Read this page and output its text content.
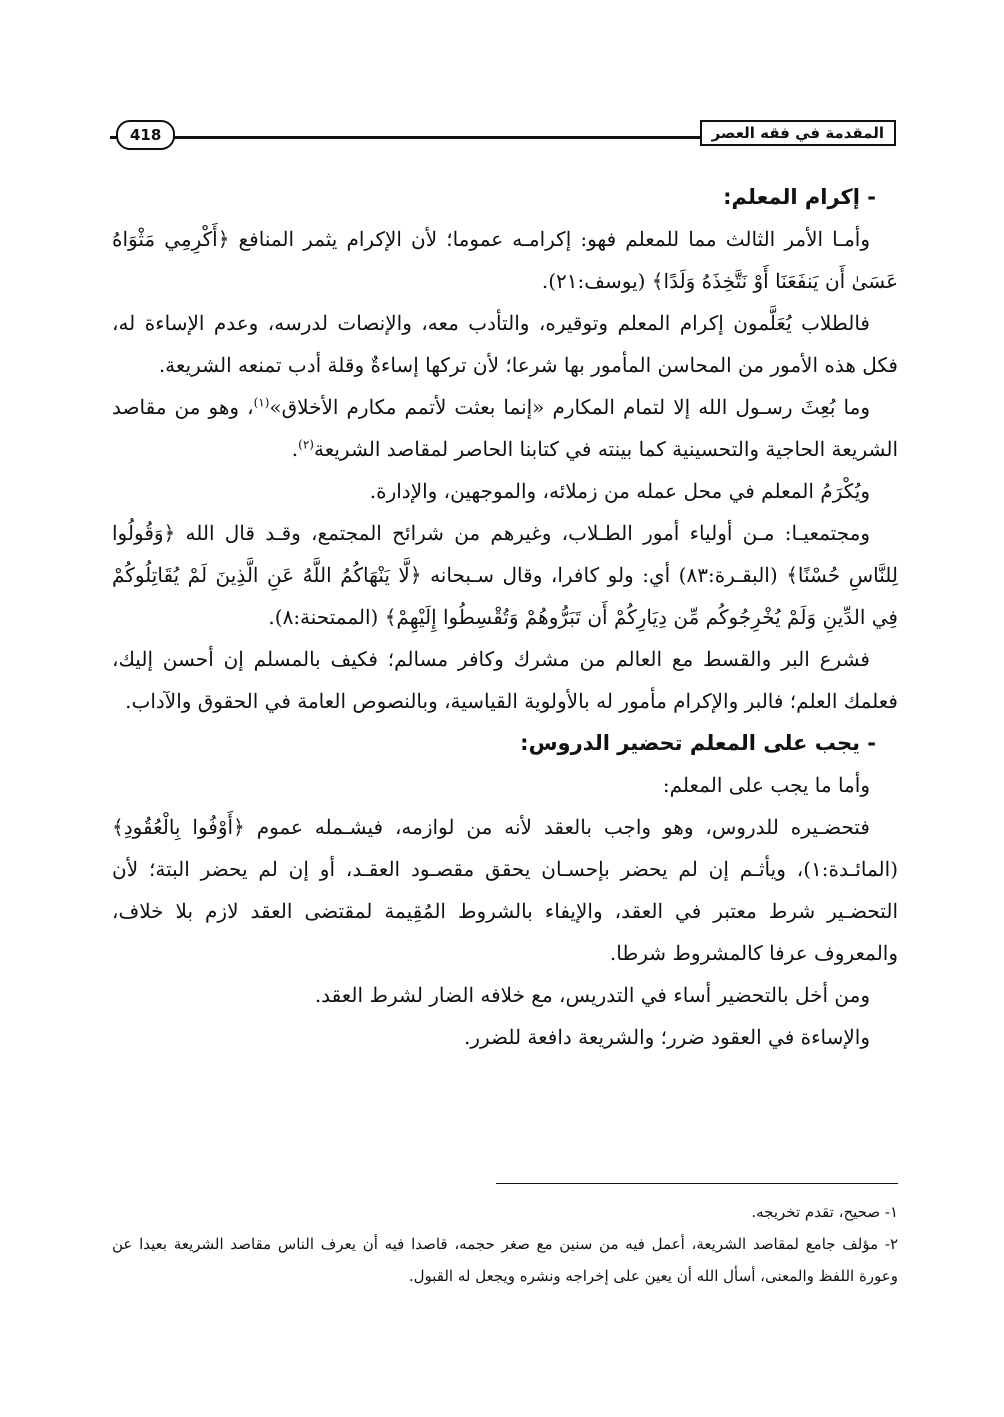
المقدمة في فقه العصر
418

- إكرام المعلم:

وأمـا الأمر الثالث مما للمعلم فهو: إكرامـه عموما؛ لأن الإكرام يثمر المنافع ﴿أَكْرِمِي مَثْوَاهُ عَسَىٰ أَن يَنفَعَنَا أَوْ نَتَّخِذَهُ وَلَدًا﴾ (يوسف:٢١).

فالطلاب يُعَلَّمون إكرام المعلم وتوقيره، والتأدب معه، والإنصات لدرسه، وعدم الإساءة له، فكل هذه الأمور من المحاسن المأمور بها شرعا؛ لأن تركها إساءةٌ وقلة أدب تمنعه الشريعة.

وما بُعِثَ رسـول الله إلا لتمام المكارم «إنما بعثت لأتمم مكارم الأخلاق»$^{(١)}$، وهو من مقاصد الشريعة الحاجية والتحسينية كما بينته في كتابنا الحاصر لمقاصد الشريعة$^{(٢)}$.

ويُكْرَمُ المعلم في محل عمله من زملائه، والموجهين، والإدارة.

ومجتمعيـا: مـن أولياء أمور الطـلاب، وغيرهم من شرائح المجتمع، وقـد قال الله ﴿وَقُولُوا لِلنَّاسِ حُسْنًا﴾ (البقـرة:٨٣) أي: ولو كافرا، وقال سـبحانه ﴿لَّا يَنْهَاكُمُ اللَّهُ عَنِ الَّذِينَ لَمْ يُقَاتِلُوكُمْ فِي الدِّينِ وَلَمْ يُخْرِجُوكُم مِّن دِيَارِكُمْ أَن تَبَرُّوهُمْ وَتُقْسِطُوا إِلَيْهِمْ﴾ (الممتحنة:٨).

فشرع البر والقسط مع العالم من مشرك وكافر مسالم؛ فكيف بالمسلم إن أحسن إليك، فعلمك العلم؛ فالبر والإكرام مأمور له بالأولوية القياسية، وبالنصوص العامة في الحقوق والآداب.

- يجب على المعلم تحضير الدروس:

وأما ما يجب على المعلم:

فتحضـيره للدروس، وهو واجب بالعقد لأنه من لوازمه، فيشـمله عموم ﴿أَوْفُوا بِالْعُقُودِ﴾ (المائـدة:١)، ويأثـم إن لم يحضر بإحسـان يحقق مقصـود العقـد، أو إن لم يحضر البتة؛ لأن التحضـير شرط معتبر في العقد، والإيفاء بالشروط المُقِيمة لمقتضى العقد لازم بلا خلاف، والمعروف عرفا كالمشروط شرطا.

ومن أخل بالتحضير أساء في التدريس، مع خلافه الضار لشرط العقد.

والإساءة في العقود ضرر؛ والشريعة دافعة للضرر.

١- صحيح، تقدم تخريجه.

٢- مؤلف جامع لمقاصد الشريعة، أعمل فيه من سنين مع صغر حجمه، قاصدا فيه أن يعرف الناس مقاصد الشريعة بعيدا عن وعورة اللفظ والمعنى، أسأل الله أن يعين على إخراجه ونشره ويجعل له القبول.
